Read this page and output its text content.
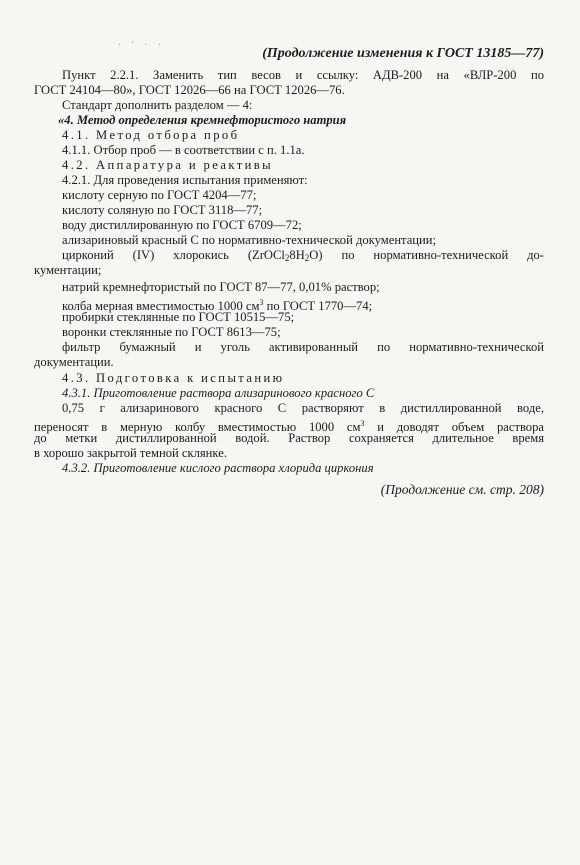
· ' · ·
(Продолжение изменения к ГОСТ 13185—77)
Пункт 2.2.1. Заменить тип весов и ссылку: АДВ-200 на «ВЛР-200 по
ГОСТ 24104—80», ГОСТ 12026—66 на ГОСТ 12026—76.
Стандарт дополнить разделом — 4:
«4. Метод определения кремнефтористого натрия
4.1. Метод отбора проб
4.1.1. Отбор проб — в соответствии с п. 1.1а.
4.2. Аппаратура и реактивы
4.2.1. Для проведения испытания применяют:
кислоту серную по ГОСТ 4204—77;
кислоту соляную по ГОСТ 3118—77;
воду дистиллированную по ГОСТ 6709—72;
ализариновый красный С по нормативно-технической документации;
цирконий (IV) хлорокись $(ZrOCl_28H_2O)$ по нормативно-технической до-
кументации;
натрий кремнефтористый по ГОСТ 87—77, 0,01% раствор;
колба мерная вместимостью 1000 $см^3$ по ГОСТ 1770—74;
пробирки стеклянные по ГОСТ 10515—75;
воронки стеклянные по ГОСТ 8613—75;
фильтр бумажный и уголь активированный по нормативно-технической
документации.
4.3. Подготовка к испытанию
4.3.1. Приготовление раствора ализаринового красного С
0,75 г ализаринового красного С растворяют в дистиллированной воде,
переносят в мерную колбу вместимостью 1000 $см^3$ и доводят объем раствора
до метки дистиллированной водой. Раствор сохраняется длительное время
в хорошо закрытой темной склянке.
4.3.2. Приготовление кислого раствора хлорида циркония
(Продолжение см. стр. 208)
